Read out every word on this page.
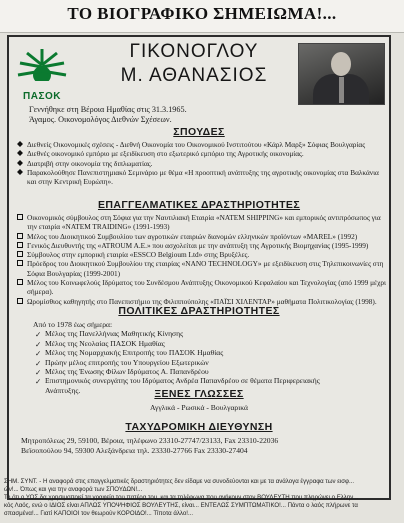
ΤΟ ΒΙΟΓΡΑΦΙΚΟ ΣΗΜΕΙΩΜΑ!...
ΠΑΣΟΚ
ΓΙΚΟΝΟΓΛΟΥ
Μ. ΑΘΑΝΑΣΙΟΣ
Γεννήθηκε στη Βέροια Ημαθίας στις 31.3.1965.
Άγαμος. Οικονομολόγος Διεθνών Σχέσεων.
ΣΠΟΥΔΕΣ
Διεθνείς Οικονομικές σχέσεις - Διεθνή Οικονομία του Οικονομικού Ινστιτούτου «Κάρλ Μαρξ» Σόφιας Βουλγαρίας
Διεθνές οικονομικό εμπόριο με εξειδίκευση στο εξωτερικό εμπόριο της Αγροτικής οικονομίας.
Διατριβή στην οικονομία της διπλωματίας.
Παρακολούθησε Πανεπιστημιακό Σεμινάριο με θέμα «Η προοπτική ανάπτυξης της αγροτικής οικονομίας στα Βαλκάνια και στην Κεντρική Ευρώπη».
ΕΠΑΓΓΕΛΜΑΤΙΚΕΣ ΔΡΑΣΤΗΡΙΟΤΗΤΕΣ
Οικονομικός σύμβουλος στη Σόφια για την Ναυτιλιακή Εταιρία «NATEM SHIPPING» και εμπορικός αντιπρόσωπος για την εταιρία «NATEM TRAIDING» (1991-1993)
Μέλος του Διοικητικού Συμβουλίου των αγροτικών εταιριών διανομών ελληνικών προϊόντων «MAREL» (1992)
Γενικός Διευθυντής της «ATROUM A.E.» που ασχολείται με την ανάπτυξη της Αγροτικής Βιομηχανίας (1995-1999)
Σύμβουλος στην εμπορική εταιρία «ESSCO Belgioum Ltd» στης Βρυξέλες.
Πρόεδρος του Διοικητικού Συμβουλίου της εταιρίας «NANO TECHNOLOGY» με εξειδίκευση στις Τηλεπικοινωνίες στη Σόφια Βουλγαρίας (1999-2001)
Μέλος του Κοινωφελούς Ιδρύματος του Συνδέσμου Ανάπτυξης Οικονομικού Κεφαλαίου και Τεχνολογίας (από 1999 μέχρι σήμερα).
Ωρομίσθιος καθηγητής στο Πανεπιστήμιο της Φιλιππούπολης «ΠΑΪΣΙ ΧΙΛΕΝΤΑΡ» μαθήματα Πολιτικολογίας (1998).
ΠΟΛΙΤΙΚΕΣ ΔΡΑΣΤΗΡΙΟΤΗΤΕΣ
Από το 1978 έως σήμερα:
✓ Μέλος της Πανελλήνιας Μαθητικής Κίνησης
✓ Μέλος της Νεολαίας ΠΑΣΟΚ Ημαθίας
✓ Μέλος της Νομαρχιακής Επιτροπής του ΠΑΣΟΚ Ημαθίας
✓ Πρώην μέλος επιτροπής του Υπουργείου Εξωτερικών
✓ Μέλος της Ένωσης Φίλων Ιδρύματος Α. Παπανδρέου
✓ Επιστημονικός συνεργάτης του Ιδρύματος Ανδρέα Παπανδρέου σε θέματα Περιφερειακής Ανάπτυξης.	ΞΕΝΕΣ ΓΛΩΣΣΕΣ
Αγγλικά - Ρωσικά - Βουλγαρικά
ΤΑΧΥΔΡΟΜΙΚΗ ΔΙΕΥΘΥΝΣΗ
Μητροπόλεως 29, 59100, Βέροια, τηλέφωνο 23310-27747/23133, Fax 23310-22036
Βεϊσοπούλου 94, 59300 Αλεξάνδρεια τηλ. 23330-27766 Fax 23330-27404
ΣΗΜ. ΣΥΝΤ. - Η αναφορά στις επαγγελματικές δραστηριότητες δεν είδαμε να συνοδεύονται και με τα ανάλογα έγγραφα των εισφ...
ών!... Όπως και για την αναφορά των ΣΠΟΥΔΩΝ!...
Το ότι ο ΥΟΣ δα χρησιμοποιεί τα γραφεία του πατέρα του, και τα τηλέφωνα που ανήκουν στον ΒΟΥΛΕΥΤΗ που πληρώνει ο Ελλην...
κός Λαός, ενώ ο ΙΔΙΟΣ είναι ΑΠΛΩΣ ΥΠΟΨΗΦΙΟΣ ΒΟΥΛΕΥΤΗΣ, είναι... ΕΝΤΕΛΩΣ ΣΥΜΠΤΩΜΑΤΙΚΟ!... Πάντα ο λαός πλήρωνε τα
σπασμένα!... Γιατί ΚΑΠΟΙΟΙ τον θεωρούν ΚΟΡΟΙΔΟ!... Τίποτα άλλο!...
